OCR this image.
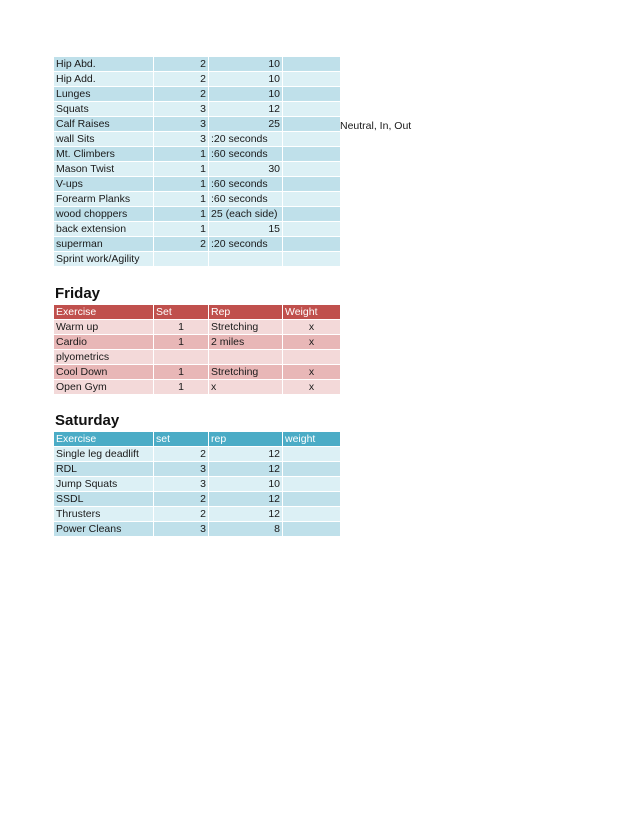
Hip Abd.	2	10	
Hip Add.	2	10	
Lunges	2	10	
Squats	3	12	
Calf Raises	3	25	
wall Sits	3	:20 seconds	
Mt. Climbers	1	:60 seconds	
Mason Twist	1	30	
V-ups	1	:60 seconds	
Forearm Planks	1	:60 seconds	
wood choppers	1	25 (each side)	
back extension	1	15	
superman	2	:20 seconds	
Sprint work/Agility			
Neutral, In, Out
Friday
Exercise	Set	Rep	Weight
Warm up	1	Stretching	x
Cardio	1	2 miles	x
plyometrics			
Cool Down	1	Stretching	x
Open Gym	1	x	x
Saturday
Exercise	set	rep	weight
Single leg deadlift	2	12	
RDL	3	12	
Jump Squats	3	10	
SSDL	2	12	
Thrusters	2	12	
Power Cleans	3	8	
